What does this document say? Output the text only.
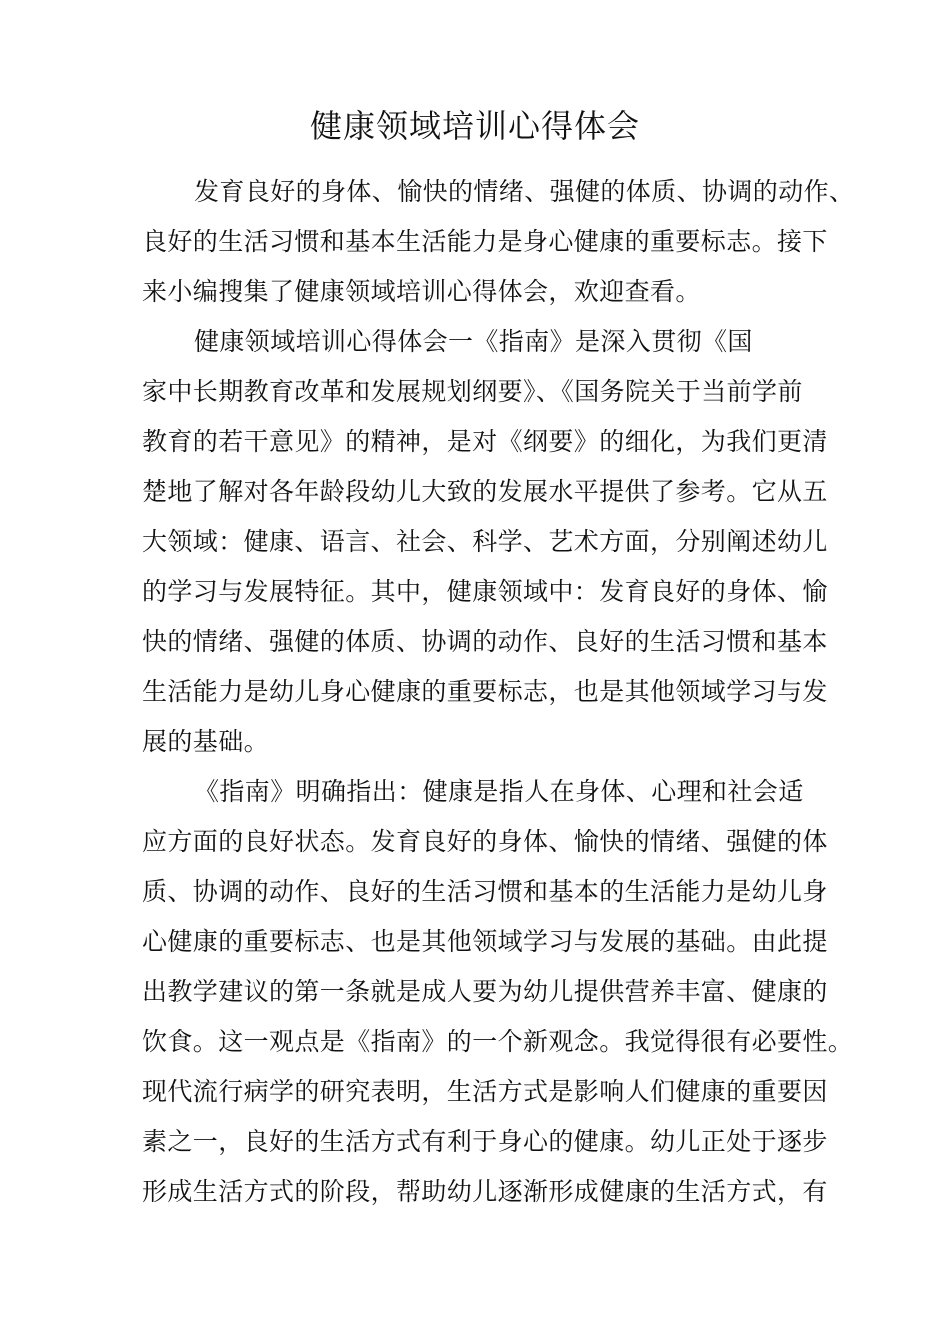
健康领域培训心得体会
发育良好的身体、愉快的情绪、强健的体质、协调的动作、
良好的生活习惯和基本生活能力是身心健康的重要标志。接下
来小编搜集了健康领域培训心得体会，欢迎查看。
健康领域培训心得体会一《指南》是深入贯彻《国
家中长期教育改革和发展规划纲要》、《国务院关于当前学前
教育的若干意见》的精神，是对《纲要》的细化，为我们更清
楚地了解对各年龄段幼儿大致的发展水平提供了参考。它从五
大领域：健康、语言、社会、科学、艺术方面，分别阐述幼儿
的学习与发展特征。其中，健康领域中：发育良好的身体、愉
快的情绪、强健的体质、协调的动作、良好的生活习惯和基本
生活能力是幼儿身心健康的重要标志，也是其他领域学习与发
展的基础。
《指南》明确指出：健康是指人在身体、心理和社会适
应方面的良好状态。发育良好的身体、愉快的情绪、强健的体
质、协调的动作、良好的生活习惯和基本的生活能力是幼儿身
心健康的重要标志、也是其他领域学习与发展的基础。由此提
出教学建议的第一条就是成人要为幼儿提供营养丰富、健康的
饮食。这一观点是《指南》的一个新观念。我觉得很有必要性。
现代流行病学的研究表明，生活方式是影响人们健康的重要因
素之一，良好的生活方式有利于身心的健康。幼儿正处于逐步
形成生活方式的阶段，帮助幼儿逐渐形成健康的生活方式，有
